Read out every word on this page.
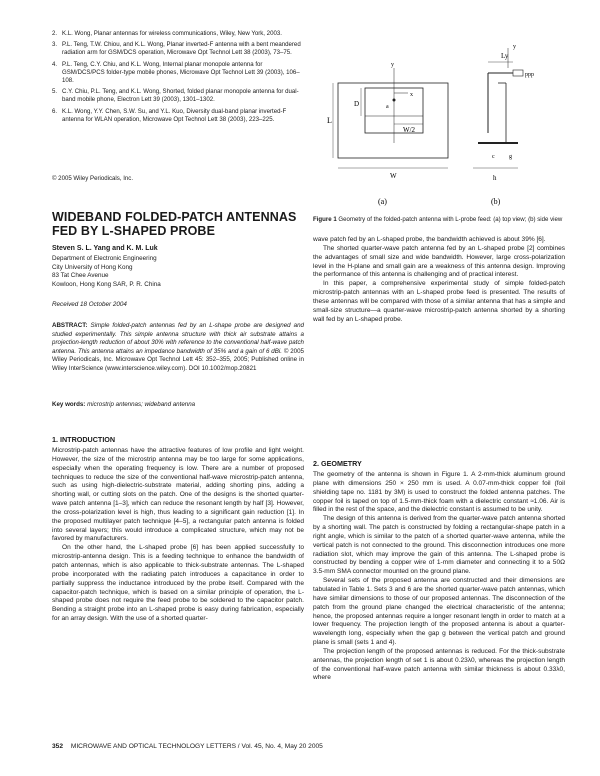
2. K.L. Wong, Planar antennas for wireless communications, Wiley, New York, 2003.
3. P.L. Teng, T.W. Chiou, and K.L. Wong, Planar inverted-F antenna with a bent meandered radiation arm for GSM/DCS operation, Microwave Opt Technol Lett 38 (2003), 73–75.
4. P.L. Teng, C.Y. Chiu, and K.L. Wong, Internal planar monopole antenna for GSM/DCS/PCS folder-type mobile phones, Microwave Opt Technol Lett 39 (2003), 106–108.
5. C.Y. Chiu, P.L. Teng, and K.L. Wong, Shorted, folded planar monopole antenna for dual-band mobile phone, Electron Lett 39 (2003), 1301–1302.
6. K.L. Wong, Y.Y. Chen, S.W. Su, and Y.L. Kuo, Diversity dual-band planar inverted-F antenna for WLAN operation, Microwave Opt Technol Lett 38 (2003), 223–225.
© 2005 Wiley Periodicals, Inc.
WIDEBAND FOLDED-PATCH ANTENNAS FED BY L-SHAPED PROBE
Steven S. L. Yang and K. M. Luk
Department of Electronic Engineering
City University of Hong Kong
83 Tat Chee Avenue
Kowloon, Hong Kong SAR, P. R. China
Received 18 October 2004
ABSTRACT: Simple folded-patch antennas fed by an L-shape probe are designed and studied experimentally. This simple antenna structure with thick air substrate attains a projection-length reduction of about 30% with reference to the conventional half-wave patch antenna. This antenna attains an impedance bandwidth of 35% and a gain of 6 dBi. © 2005 Wiley Periodicals, Inc. Microwave Opt Technol Lett 45: 352–355, 2005; Published online in Wiley InterScience (www.interscience.wiley.com). DOI 10.1002/mop.20821
Key words: microstrip antennas; wideband antenna
1. INTRODUCTION

Microstrip-patch antennas have the attractive features of low profile and light weight. However, the size of the microstrip antenna may be too large for some applications, especially when the operating frequency is low. There are a number of proposed techniques to reduce the size of the conventional half-wave microstrip-patch antenna, such as using high-dielectric-substrate material, adding shorting pins, adding a shorting wall, or cutting slots on the patch. One of the designs is the shorted quarter-wave patch antenna [1–3], which can reduce the resonant length by half [3]. However, the cross-polarization level is high, thus leading to a significant gain reduction [1]. In the proposed multilayer patch technique [4–5], a rectangular patch antenna is folded into several layers; this would introduce a complicated structure, which may not be favored by manufacturers.

On the other hand, the L-shaped probe [6] has been applied successfully to microstrip-antenna design. This is a feeding technique to enhance the bandwidth of patch antennas, which is also applicable to thick-substrate antennas. The L-shaped probe incorporated with the radiating patch introduces a capacitance in order to partially suppress the inductance introduced by the probe itself. Compared with the capacitor-patch technique, which is based on a similar principle of operation, the L-shaped probe does not require the feed probe to be soldered to the capacitor patch. Bending a straight probe into an L-shaped probe is easy during fabrication, especially for an array design. With the use of a shorted quarter-

L
D	a
W/2
W
x
y
Ly
y
ppp
c g
h
(a)	(b)
Figure 1 Geometry of the folded-patch antenna with L-probe feed: (a) top view; (b) side view

wave patch fed by an L-shaped probe, the bandwidth achieved is about 39% [6].

The shorted quarter-wave patch antenna fed by an L-shaped probe [2] combines the advantages of small size and wide bandwidth. However, large cross-polarization level in the H-plane and small gain are a weakness of this antenna design. Improving the performance of this antenna is challenging and of practical interest.

In this paper, a comprehensive experimental study of simple folded-patch microstrip-patch antennas with an L-shaped probe feed is presented. The results of these antennas will be compared with those of a similar antenna that has a simple and small-size structure—a quarter-wave microstrip-patch antenna shorted by a shorting wall fed by an L-shaped probe.

2. GEOMETRY

The geometry of the antenna is shown in Figure 1. A 2-mm-thick aluminum ground plane with dimensions 250 × 250 mm is used. A 0.07-mm-thick copper foil (foil shielding tape no. 1181 by 3M) is used to construct the folded antenna patches. The copper foil is taped on top of 1.5-mm-thick foam with a dielectric constant ≈1.06. Air is filled in the rest of the space, and the dielectric constant is assumed to be unity.

The design of this antenna is derived from the quarter-wave patch antenna shorted by a shorting wall. The patch is constructed by folding a rectangular-shape patch in a right angle, which is similar to the patch of a shorted quarter-wave antenna, while the vertical patch is not connected to the ground. This disconnection introduces one more radiation slot, which may improve the gain of this antenna. The L-shaped probe is constructed by bending a copper wire of 1-mm diameter and connecting it to a 50Ω 3.5-mm SMA connector mounted on the ground plane.

Several sets of the proposed antenna are constructed and their dimensions are tabulated in Table 1. Sets 3 and 6 are the shorted quarter-wave patch antennas, which have similar dimensions to those of our proposed antennas. The disconnection of the patch from the ground plane changed the electrical characteristic of the antenna; hence, the proposed antennas require a longer resonant length in order to match at a lower frequency. The projection length of the proposed antenna is about a quarter-wavelength long, especially when the gap g between the vertical patch and ground plane is small (sets 1 and 4).

The projection length of the proposed antennas is reduced. For the thick-substrate antennas, the projection length of set 1 is about 0.23λ0, whereas the projection length of the conventional half-wave patch antenna with similar thickness is about 0.33λ0, where

352 MICROWAVE AND OPTICAL TECHNOLOGY LETTERS / Vol. 45, No. 4, May 20 2005
